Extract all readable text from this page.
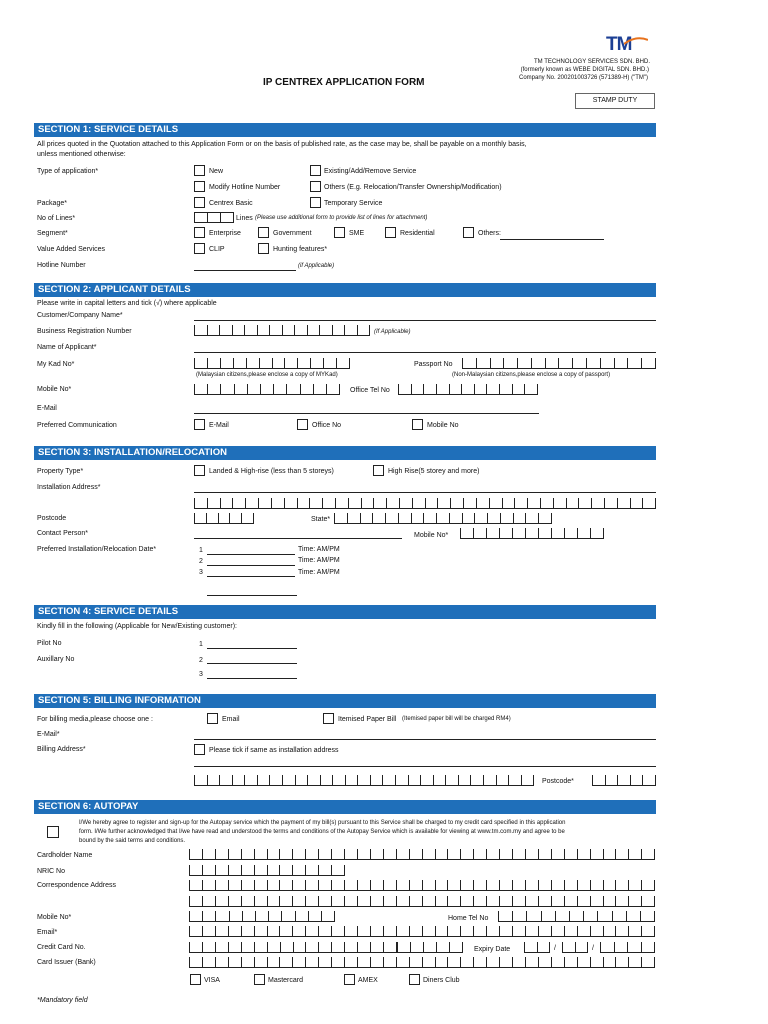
TM
TM TECHNOLOGY SERVICES SDN. BHD.
(formerly known as WEBE DIGITAL SDN. BHD.)
Company No. 200201003726 (571389-H) ("TM")
IP CENTREX APPLICATION FORM
STAMP DUTY
SECTION 1: SERVICE DETAILS
All prices quoted in the Quotation attached to this Application Form or on the basis of published rate, as the case may be, shall be payable on a monthly basis,
unless mentioned otherwise:
Type of application*	New	Existing/Add/Remove Service
Modify Hotline Number	Others (E.g. Relocation/Transfer Ownership/Modification)
Package*	Centrex Basic	Temporary Service
No of Lines*	Lines (Please use additional form to provide list of lines for attachment)
Segment*	Enterprise	Government	SME	Residential	Others:
Value Added Services	CLIP	Hunting features*
Hotline Number	(if Applicable)
SECTION 2: APPLICANT DETAILS
Please write in capital letters and tick (√) where applicable
Customer/Company Name*
Business Registration Number	(If Applicable)
Name of Applicant*
My Kad No*
(Malaysian citizens,please enclose a copy of MYKad)
Passport No
(Non-Malaysian citizens,please enclose a copy of passport)
Mobile No*	Office Tel No
E-Mail
Preferred Communication	E-Mail	Office No	Mobile No
SECTION 3: INSTALLATION/RELOCATION
Property Type*	Landed & High-rise (less than 5 storeys)	High Rise(5 storey and more)
Installation Address*
Postcode	State*
Contact Person*	Mobile No*
Preferred Installation/Relocation Date*	1	Time: AM/PM
2	Time: AM/PM
3	Time: AM/PM
SECTION 4: SERVICE DETAILS
Kindly fill in the following (Applicable for New/Existing customer):
Pilot No	1
Auxillary No	2
3
SECTION 5: BILLING INFORMATION
For billing media,please choose one :	Email	Itemised Paper Bill (Itemised paper bill will be charged RM4)
E-Mail*
Billing Address*	Please tick if same as installation address
Postcode*
SECTION 6: AUTOPAY
I/We hereby agree to register and sign-up for the Autopay service which the payment of my bill(s) pursuant to this Service shall be charged to my credit card specified in this application
form. I/We further acknowledged that I/we have read and understood the terms and conditions of the Autopay Service which is available for viewing at www.tm.com.my and agree to be
bound by the said terms and conditions.
Cardholder Name
NRIC No
Correspondence Address
Mobile No*	Home Tel No
Email*
Credit Card No.	Expiry Date	/	/
Card Issuer (Bank)
VISA	Mastercard	AMEX	Diners Club
*Mandatory field
